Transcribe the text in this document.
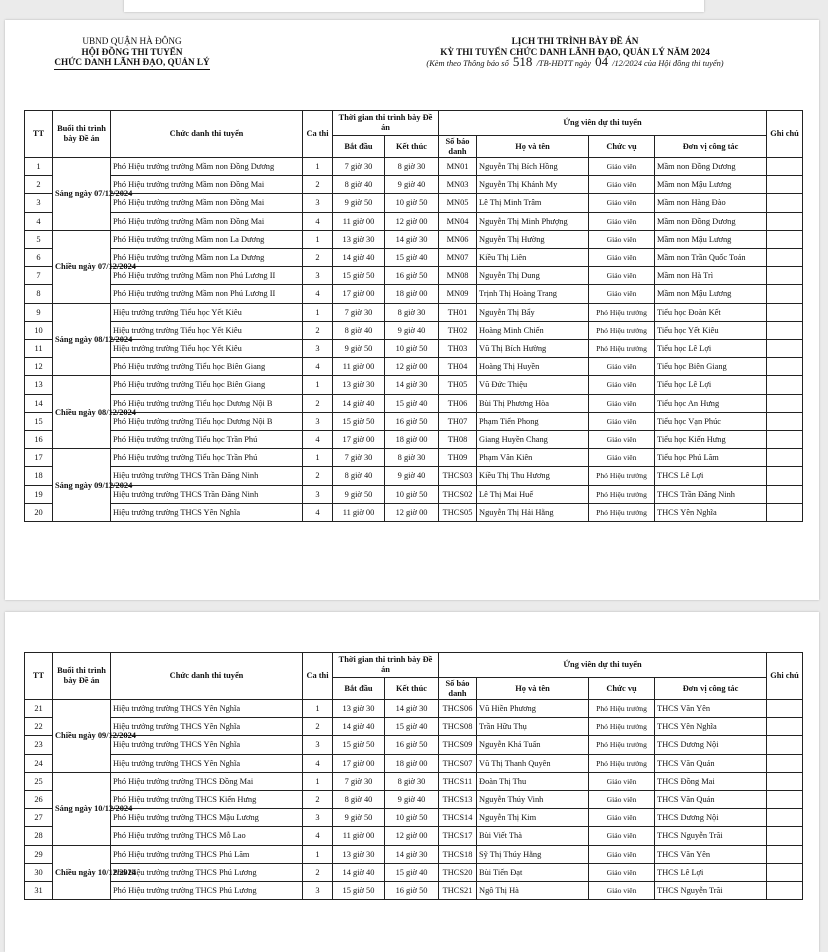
UBND QUẬN HÀ ĐÔNG
HỘI ĐỒNG THI TUYỂN
CHỨC DANH LÃNH ĐẠO, QUẢN LÝ
LỊCH THI TRÌNH BÀY ĐỀ ÁN
KỲ THI TUYỂN CHỨC DANH LÃNH ĐẠO, QUẢN LÝ NĂM 2024
(Kèm theo Thông báo số 518 /TB-HĐTT ngày 04 /12/2024 của Hội đồng thi tuyển)
TT	Buổi thi trình bày Đề án	Chức danh thi tuyển	Ca thi	Thời gian thi trình bày Đề án		Ứng viên dự thi tuyển				Ghi chú
				Bắt đầu	Kết thúc	Số báo danh	Họ và tên	Chức vụ	Đơn vị công tác	
1	Sáng ngày 07/12/2024	Phó Hiệu trưởng trường Mầm non Đồng Dương	1	7 giờ 30	8 giờ 30	MN01	Nguyễn Thị Bích Hồng	Giáo viên	Mầm non Đồng Dương	
2		Phó Hiệu trưởng trường Mầm non Đồng Mai	2	8 giờ 40	9 giờ 40	MN03	Nguyễn Thị Khánh My	Giáo viên	Mầm non Mậu Lương	
3		Phó Hiệu trưởng trường Mầm non Đồng Mai	3	9 giờ 50	10 giờ 50	MN05	Lê Thị Minh Trâm	Giáo viên	Mầm non Hàng Đào	
4		Phó Hiệu trưởng trường Mầm non Đồng Mai	4	11 giờ 00	12 giờ 00	MN04	Nguyễn Thị Minh Phượng	Giáo viên	Mầm non Đồng Dương	
5	Chiều ngày 07/12/2024	Phó Hiệu trưởng trường Mầm non La Dương	1	13 giờ 30	14 giờ 30	MN06	Nguyễn Thị Hường	Giáo viên	Mầm non Mậu Lương	
6		Phó Hiệu trưởng trường Mầm non La Dương	2	14 giờ 40	15 giờ 40	MN07	Kiều Thị Liên	Giáo viên	Mầm non Trần Quốc Toản	
7		Phó Hiệu trưởng trường Mầm non Phú Lương II	3	15 giờ 50	16 giờ 50	MN08	Nguyễn Thị Dung	Giáo viên	Mầm non Hà Trì	
8		Phó Hiệu trưởng trường Mầm non Phú Lương II	4	17 giờ 00	18 giờ 00	MN09	Trịnh Thị Hoàng Trang	Giáo viên	Mầm non Mậu Lương	
9	Sáng ngày 08/12/2024	Hiệu trưởng trường Tiểu học Yết Kiêu	1	7 giờ 30	8 giờ 30	TH01	Nguyễn Thị Bẩy	Phó Hiệu trưởng	Tiểu học Đoàn Kết	
10		Hiệu trưởng trường Tiểu học Yết Kiêu	2	8 giờ 40	9 giờ 40	TH02	Hoàng Minh Chiến	Phó Hiệu trưởng	Tiểu học Yết Kiêu	
11		Hiệu trưởng trường Tiểu học Yết Kiêu	3	9 giờ 50	10 giờ 50	TH03	Vũ Thị Bích Hường	Phó Hiệu trưởng	Tiểu học Lê Lợi	
12		Phó Hiệu trưởng trường Tiểu học Biên Giang	4	11 giờ 00	12 giờ 00	TH04	Hoàng Thị Huyền	Giáo viên	Tiểu học Biên Giang	
13	Chiều ngày 08/12/2024	Phó Hiệu trưởng trường Tiểu học Biên Giang	1	13 giờ 30	14 giờ 30	TH05	Vũ Đức Thiệu	Giáo viên	Tiểu học Lê Lợi	
14		Phó Hiệu trưởng trường Tiểu học Dương Nội B	2	14 giờ 40	15 giờ 40	TH06	Bùi Thị Phương Hòa	Giáo viên	Tiểu học An Hưng	
15		Phó Hiệu trưởng trường Tiểu học Dương Nội B	3	15 giờ 50	16 giờ 50	TH07	Phạm Tiến Phong	Giáo viên	Tiểu học Vạn Phúc	
16		Phó Hiệu trưởng trường Tiểu học Trần Phú	4	17 giờ 00	18 giờ 00	TH08	Giang Huyền Chang	Giáo viên	Tiểu học Kiến Hưng	
17	Sáng ngày 09/12/2024	Phó Hiệu trưởng trường Tiểu học Trần Phú	1	7 giờ 30	8 giờ 30	TH09	Phạm Văn Kiên	Giáo viên	Tiểu học Phú Lãm	
18		Hiệu trưởng trường THCS Trần Đăng Ninh	2	8 giờ 40	9 giờ 40	THCS03	Kiều Thị Thu Hương	Phó Hiệu trưởng	THCS Lê Lợi	
19		Hiệu trưởng trường THCS Trần Đăng Ninh	3	9 giờ 50	10 giờ 50	THCS02	Lê Thị Mai Huế	Phó Hiệu trưởng	THCS Trần Đăng Ninh	
20		Hiệu trưởng trường THCS Yên Nghĩa	4	11 giờ 00	12 giờ 00	THCS05	Nguyễn Thị Hải Hằng	Phó Hiệu trưởng	THCS Yên Nghĩa	
TT	Buổi thi trình bày Đề án	Chức danh thi tuyển	Ca thi	Thời gian thi trình bày Đề án		Ứng viên dự thi tuyển				Ghi chú
				Bắt đầu	Kết thúc	Số báo danh	Họ và tên	Chức vụ	Đơn vị công tác	
21	Chiều ngày 09/12/2024	Hiệu trưởng trường THCS Yên Nghĩa	1	13 giờ 30	14 giờ 30	THCS06	Vũ Hiền Phương	Phó Hiệu trưởng	THCS Văn Yên	
22		Hiệu trưởng trường THCS Yên Nghĩa	2	14 giờ 40	15 giờ 40	THCS08	Trần Hữu Thụ	Phó Hiệu trưởng	THCS Yên Nghĩa	
23		Hiệu trưởng trường THCS Yên Nghĩa	3	15 giờ 50	16 giờ 50	THCS09	Nguyễn Khả Tuấn	Phó Hiệu trưởng	THCS Dương Nội	
24		Hiệu trưởng trường THCS Yên Nghĩa	4	17 giờ 00	18 giờ 00	THCS07	Vũ Thị Thanh Quyên	Phó Hiệu trưởng	THCS Văn Quán	
25	Sáng ngày 10/12/2024	Phó Hiệu trưởng trường THCS Đồng Mai	1	7 giờ 30	8 giờ 30	THCS11	Đoàn Thị Thu	Giáo viên	THCS Đồng Mai	
26		Phó Hiệu trưởng trường THCS Kiến Hưng	2	8 giờ 40	9 giờ 40	THCS13	Nguyễn Thúy Vinh	Giáo viên	THCS Văn Quán	
27		Phó Hiệu trưởng trường THCS Mậu Lương	3	9 giờ 50	10 giờ 50	THCS14	Nguyễn Thị Kim	Giáo viên	THCS Dương Nội	
28		Phó Hiệu trưởng trường THCS Mỗ Lao	4	11 giờ 00	12 giờ 00	THCS17	Bùi Viết Thà	Giáo viên	THCS Nguyễn Trãi	
29	Chiều ngày 10/12/2024	Phó Hiệu trưởng trường THCS Phú Lãm	1	13 giờ 30	14 giờ 30	THCS18	Sỹ Thị Thúy Hằng	Giáo viên	THCS Văn Yên	
30		Phó Hiệu trưởng trường THCS Phú Lương	2	14 giờ 40	15 giờ 40	THCS20	Bùi Tiến Đạt	Giáo viên	THCS Lê Lợi	
31		Phó Hiệu trưởng trường THCS Phú Lương	3	15 giờ 50	16 giờ 50	THCS21	Ngô Thị Hà	Giáo viên	THCS Nguyễn Trãi	
